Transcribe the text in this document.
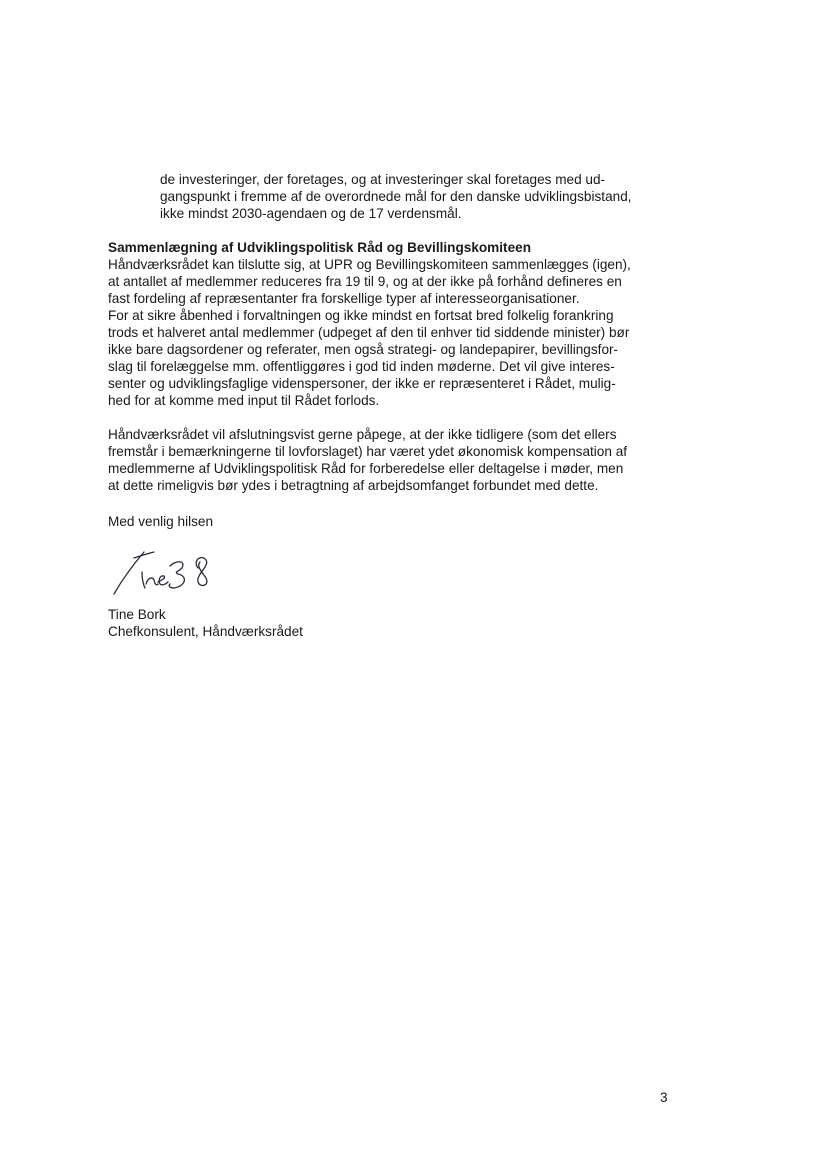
de investeringer, der foretages, og at investeringer skal foretages med ud-
gangspunkt i fremme af de overordnede mål for den danske udviklingsbistand,
ikke mindst 2030-agendaen og de 17 verdensmål.
Sammenlægning af Udviklingspolitisk Råd og Bevillingskomiteen
Håndværksrådet kan tilslutte sig, at UPR og Bevillingskomiteen sammenlægges (igen),
at antallet af medlemmer reduceres fra 19 til 9, og at der ikke på forhånd defineres en
fast fordeling af repræsentanter fra forskellige typer af interesseorganisationer.
For at sikre åbenhed i forvaltningen og ikke mindst en fortsat bred folkelig forankring
trods et halveret antal medlemmer (udpeget af den til enhver tid siddende minister) bør
ikke bare dagsordener og referater, men også strategi- og landepapirer, bevillingsfor-
slag til forelæggelse mm. offentliggøres i god tid inden møderne. Det vil give interes-
senter og udviklingsfaglige videnspersoner, der ikke er repræsenteret i Rådet, mulig-
hed for at komme med input til Rådet forlods.
Håndværksrådet vil afslutningsvist gerne påpege, at der ikke tidligere (som det ellers
fremstår i bemærkningerne til lovforslaget) har været ydet økonomisk kompensation af
medlemmerne af Udviklingspolitisk Råd for forberedelse eller deltagelse i møder, men
at dette rimeligvis bør ydes i betragtning af arbejdsomfanget forbundet med dette.
Med venlig hilsen
Tine Bork
Chefkonsulent, Håndværksrådet
3
